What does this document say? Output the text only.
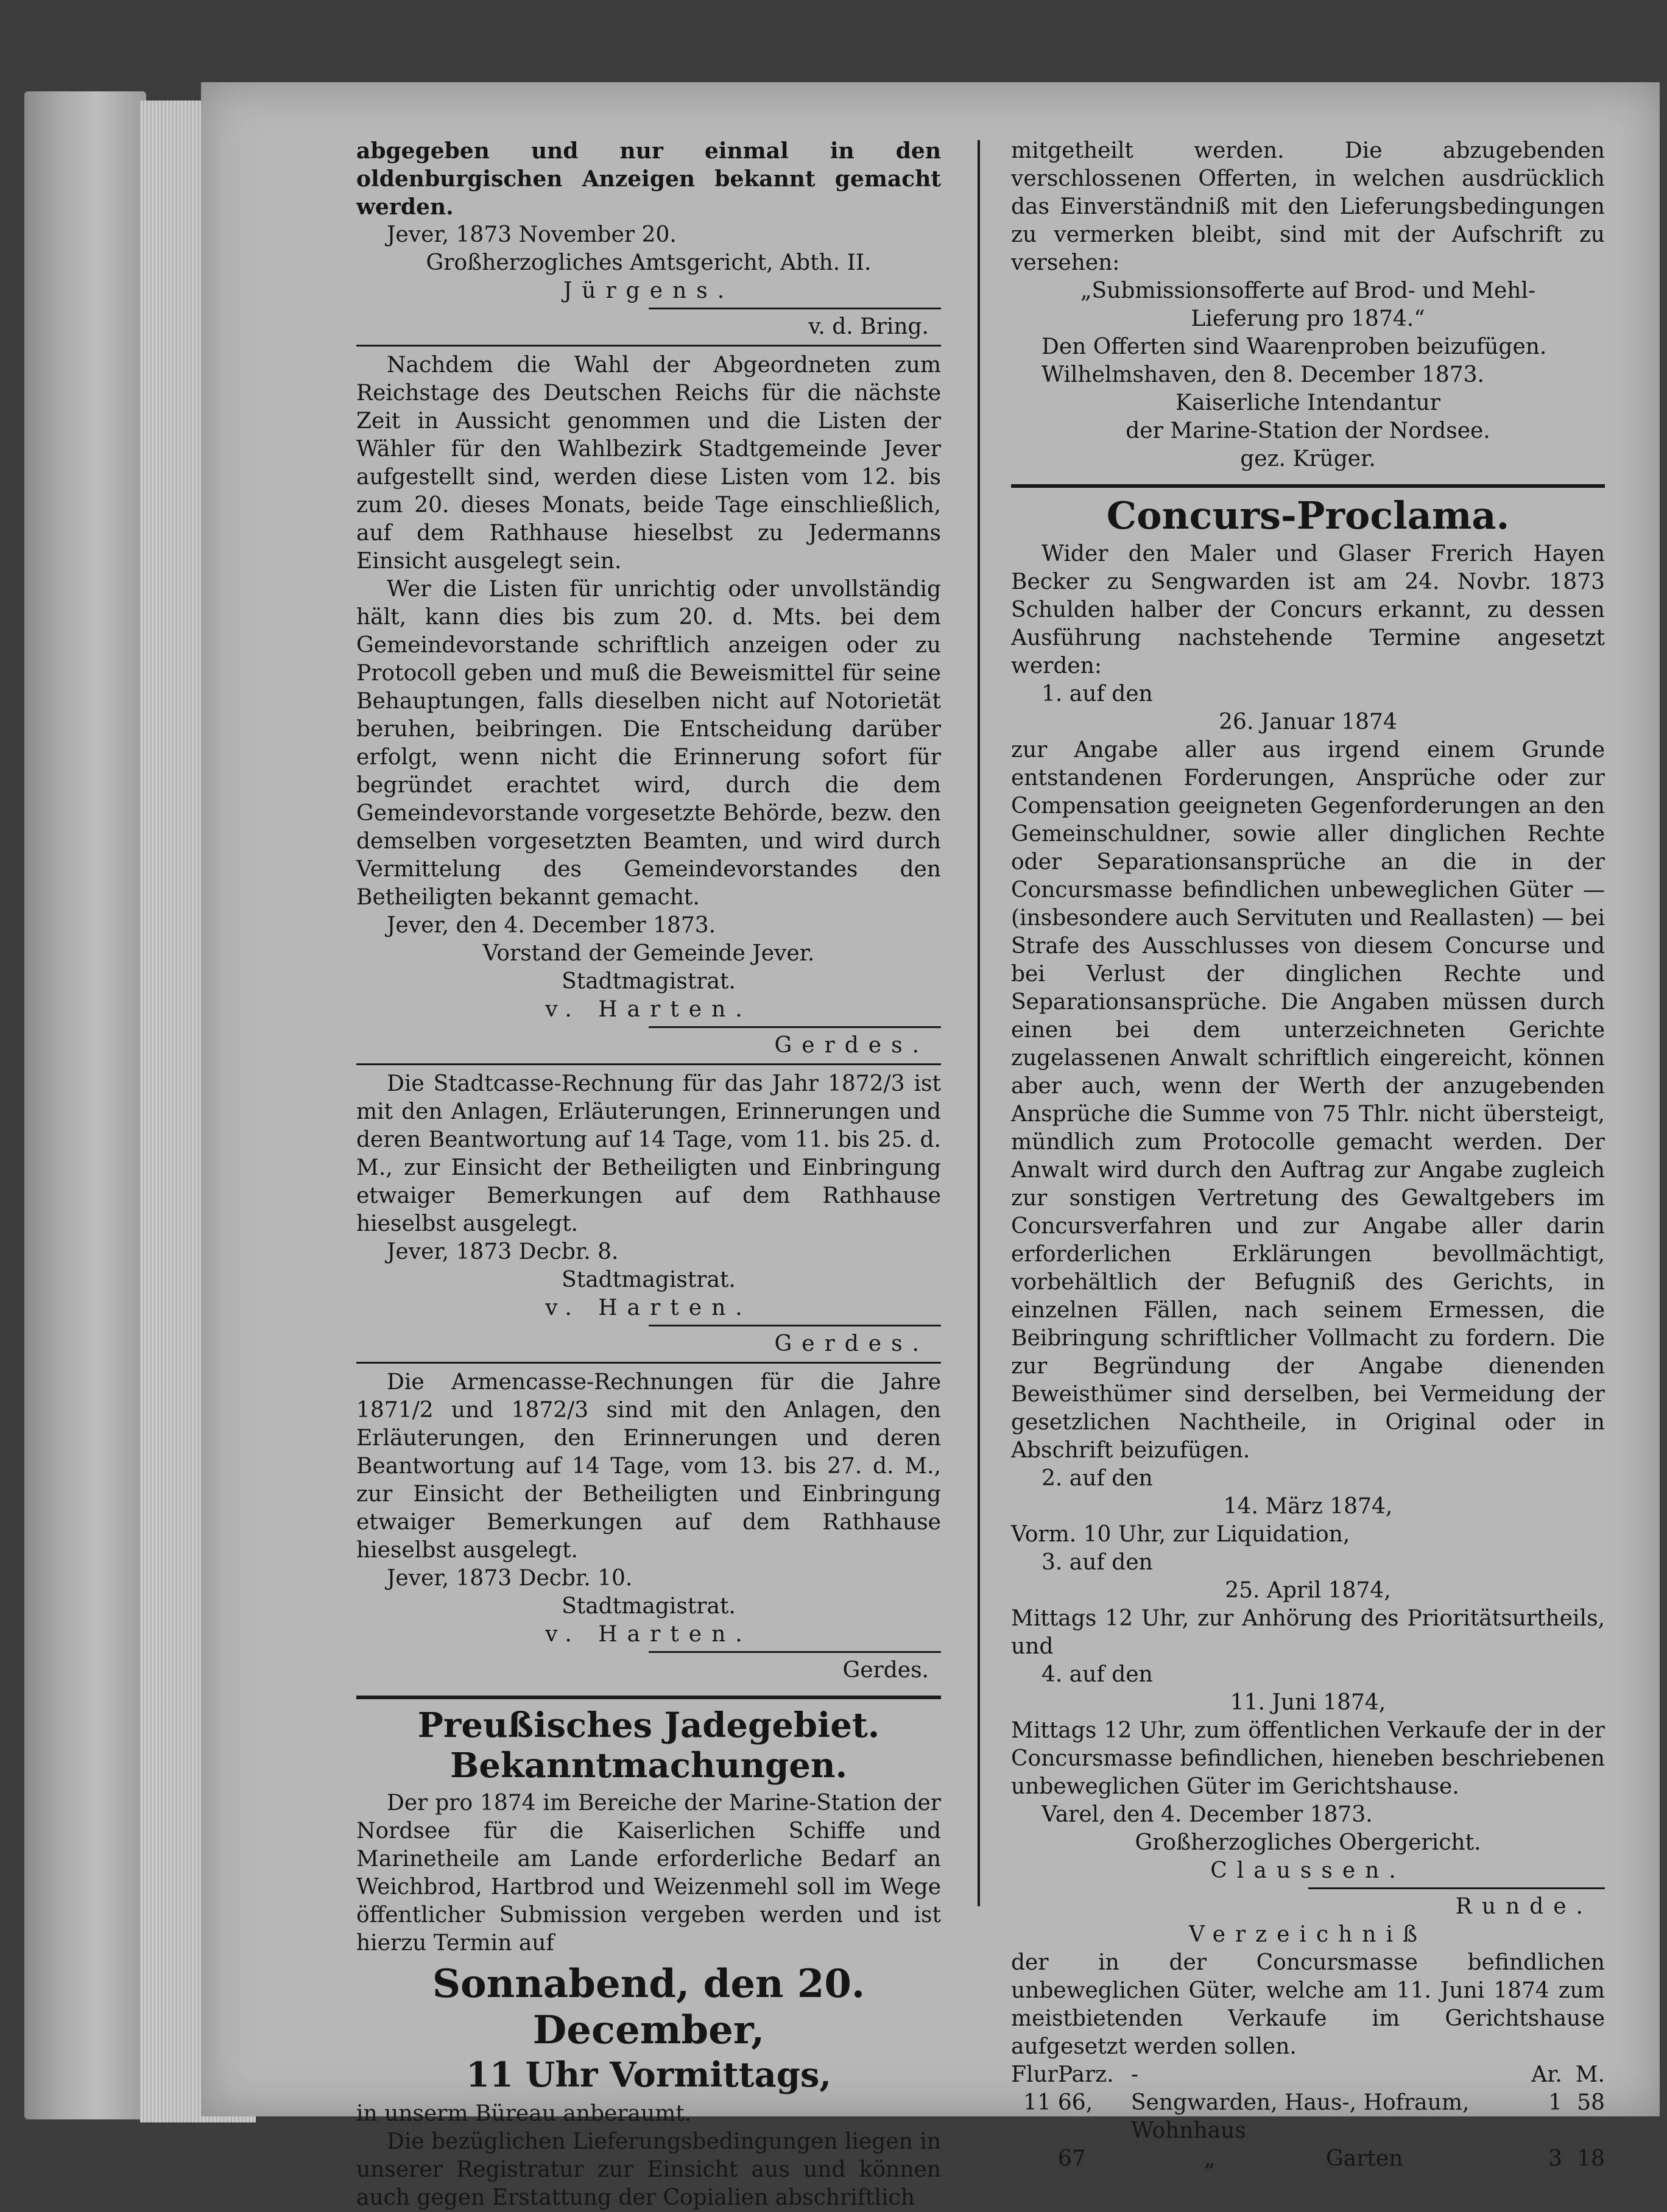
abgegeben und nur einmal in den oldenburgischen Anzeigen bekannt gemacht werden.

Jever, 1873 November 20.

Großherzogliches Amtsgericht, Abth. II.

Jürgens.

v. d. Bring.

Nachdem die Wahl der Abgeordneten zum Reichstage des Deutschen Reichs für die nächste Zeit in Aussicht genommen und die Listen der Wähler für den Wahlbezirk Stadtgemeinde Jever aufgestellt sind, werden diese Listen vom 12. bis zum 20. dieses Monats, beide Tage einschließlich, auf dem Rathhause hieselbst zu Jedermanns Einsicht ausgelegt sein.

Wer die Listen für unrichtig oder unvollständig hält, kann dies bis zum 20. d. Mts. bei dem Gemeindevorstande schriftlich anzeigen oder zu Protocoll geben und muß die Beweismittel für seine Behauptungen, falls dieselben nicht auf Notorietät beruhen, beibringen. Die Entscheidung darüber erfolgt, wenn nicht die Erinnerung sofort für begründet erachtet wird, durch die dem Gemeindevorstande vorgesetzte Behörde, bezw. den demselben vorgesetzten Beamten, und wird durch Vermittelung des Gemeindevorstandes den Betheiligten bekannt gemacht.

Jever, den 4. December 1873.

Vorstand der Gemeinde Jever.

Stadtmagistrat.

v. Harten.

Gerdes.

Die Stadtcasse-Rechnung für das Jahr 1872/3 ist mit den Anlagen, Erläuterungen, Erinnerungen und deren Beantwortung auf 14 Tage, vom 11. bis 25. d. M., zur Einsicht der Betheiligten und Einbringung etwaiger Bemerkungen auf dem Rathhause hieselbst ausgelegt.

Jever, 1873 Decbr. 8.

Stadtmagistrat.

v. Harten.

Gerdes.

Die Armencasse-Rechnungen für die Jahre 1871/2 und 1872/3 sind mit den Anlagen, den Erläuterungen, den Erinnerungen und deren Beantwortung auf 14 Tage, vom 13. bis 27. d. M., zur Einsicht der Betheiligten und Einbringung etwaiger Bemerkungen auf dem Rathhause hieselbst ausgelegt.

Jever, 1873 Decbr. 10.

Stadtmagistrat.

v. Harten.

Gerdes.

Preußisches Jadegebiet.

Bekanntmachungen.

Der pro 1874 im Bereiche der Marine-Station der Nordsee für die Kaiserlichen Schiffe und Marinetheile am Lande erforderliche Bedarf an Weichbrod, Hartbrod und Weizenmehl soll im Wege öffentlicher Submission vergeben werden und ist hierzu Termin auf

Sonnabend, den 20. December,

11 Uhr Vormittags,

in unserm Büreau anberaumt.

Die bezüglichen Lieferungsbedingungen liegen in unserer Registratur zur Einsicht aus und können auch gegen Erstattung der Copialien abschriftlich

mitgetheilt werden. Die abzugebenden verschlossenen Offerten, in welchen ausdrücklich das Einverständniß mit den Lieferungsbedingungen zu vermerken bleibt, sind mit der Aufschrift zu versehen:

„Submissionsofferte auf Brod- und Mehl-

Lieferung pro 1874.“

Den Offerten sind Waarenproben beizufügen.

Wilhelmshaven, den 8. December 1873.

Kaiserliche Intendantur

der Marine-Station der Nordsee.

gez. Krüger.

Concurs-Proclama.

Wider den Maler und Glaser Frerich Hayen Becker zu Sengwarden ist am 24. Novbr. 1873 Schulden halber der Concurs erkannt, zu dessen Ausführung nachstehende Termine angesetzt werden:

1. auf den

26. Januar 1874

zur Angabe aller aus irgend einem Grunde entstandenen Forderungen, Ansprüche oder zur Compensation geeigneten Gegenforderungen an den Gemeinschuldner, sowie aller dinglichen Rechte oder Separationsansprüche an die in der Concursmasse befindlichen unbeweglichen Güter — (insbesondere auch Servituten und Reallasten) — bei Strafe des Ausschlusses von diesem Concurse und bei Verlust der dinglichen Rechte und Separationsansprüche. Die Angaben müssen durch einen bei dem unterzeichneten Gerichte zugelassenen Anwalt schriftlich eingereicht, können aber auch, wenn der Werth der anzugebenden Ansprüche die Summe von 75 Thlr. nicht übersteigt, mündlich zum Protocolle gemacht werden. Der Anwalt wird durch den Auftrag zur Angabe zugleich zur sonstigen Vertretung des Gewaltgebers im Concursverfahren und zur Angabe aller darin erforderlichen Erklärungen bevollmächtigt, vorbehältlich der Befugniß des Gerichts, in einzelnen Fällen, nach seinem Ermessen, die Beibringung schriftlicher Vollmacht zu fordern. Die zur Begründung der Angabe dienenden Beweisthümer sind derselben, bei Vermeidung der gesetzlichen Nachtheile, in Original oder in Abschrift beizufügen.

2. auf den

14. März 1874,

Vorm. 10 Uhr, zur Liquidation,

3. auf den

25. April 1874,

Mittags 12 Uhr, zur Anhörung des Prioritätsurtheils, und

4. auf den

11. Juni 1874,

Mittags 12 Uhr, zum öffentlichen Verkaufe der in der Concursmasse befindlichen, hieneben beschriebenen unbeweglichen Güter im Gerichtshause.

Varel, den 4. December 1873.

Großherzogliches Obergericht.

Claussen.

Runde.

Verzeichniß

der in der Concursmasse befindlichen unbeweglichen Güter, welche am 11. Juni 1874 zum meistbietenden Verkaufe im Gerichtshause aufgesetzt werden sollen.

Flur	Parz.	-	Ar.	M.
11	66,	Sengwarden, Haus-, Hofraum, Wohnhaus	1	58
	67	„ Garten	3	18
